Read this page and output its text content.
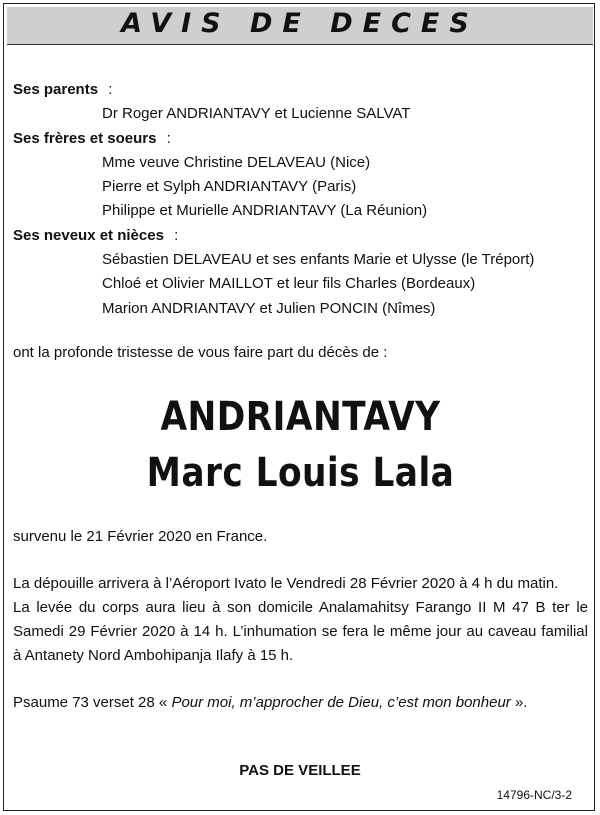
AVIS DE DECES
Ses parents :
Dr Roger ANDRIANTAVY et Lucienne SALVAT
Ses frères et soeurs :
Mme veuve Christine DELAVEAU (Nice)
Pierre et Sylph ANDRIANTAVY (Paris)
Philippe et Murielle ANDRIANTAVY (La Réunion)
Ses neveux et nièces :
Sébastien DELAVEAU et ses enfants Marie et Ulysse (le Tréport)
Chloé et Olivier MAILLOT et leur fils Charles (Bordeaux)
Marion ANDRIANTAVY et Julien PONCIN (Nîmes)
ont la profonde tristesse de vous faire part du décès de :
ANDRIANTAVY
Marc Louis Lala
survenu le 21 Février 2020 en France.
La dépouille arrivera à l’Aéroport Ivato le Vendredi 28 Février 2020 à 4 h du matin.
La levée du corps aura lieu à son domicile Analamahitsy Farango II M 47 B ter le Samedi 29 Février 2020 à 14 h. L’inhumation se fera le même jour au caveau familial à Antanety Nord Ambohipanja Ilafy à 15 h.
Psaume 73 verset 28 « Pour moi, m’approcher de Dieu, c’est mon bonheur ».
PAS DE VEILLEE
14796-NC/3-2
